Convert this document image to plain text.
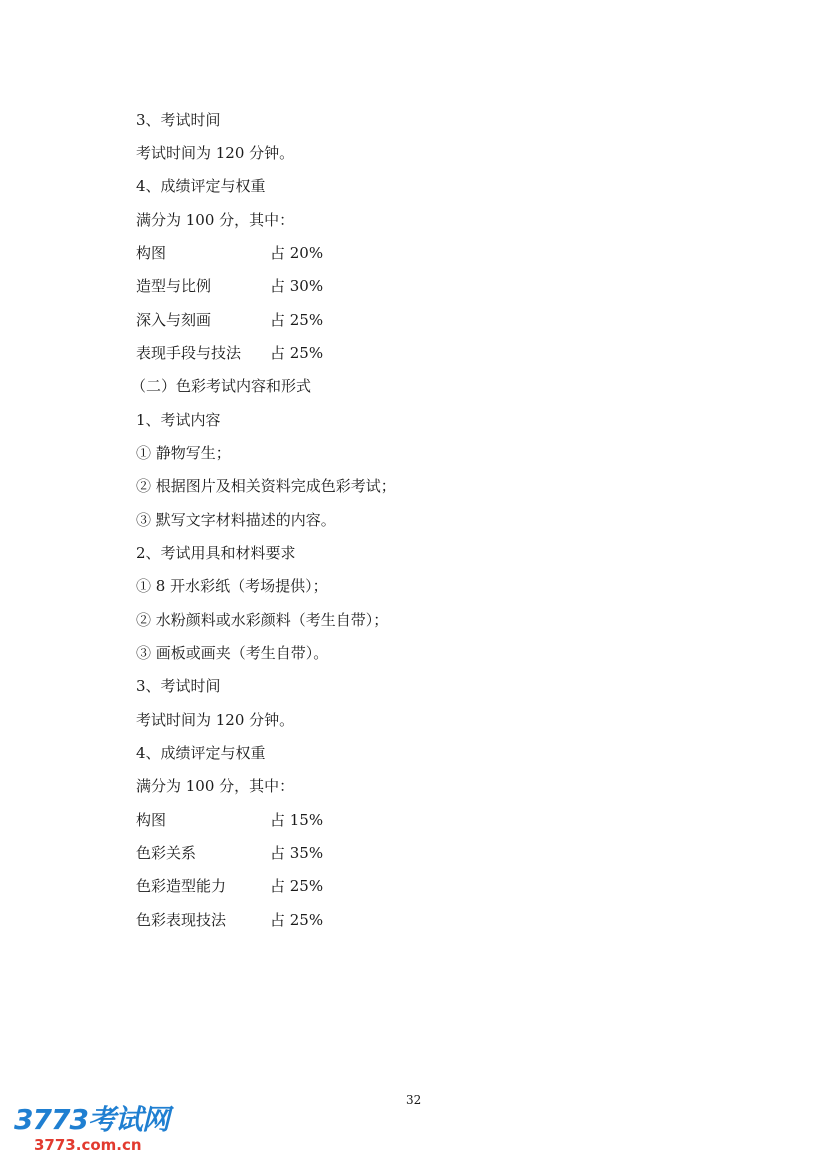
3、考试时间
考试时间为 120 分钟。
4、成绩评定与权重
满分为 100 分，其中：
构图	占 20%
造型与比例	占 30%
深入与刻画	占 25%
表现手段与技法 占 25%
（二）色彩考试内容和形式
1、考试内容
① 静物写生；
② 根据图片及相关资料完成色彩考试；
③ 默写文字材料描述的内容。
2、考试用具和材料要求
① 8 开水彩纸（考场提供）；
② 水粉颜料或水彩颜料（考生自带）；
③ 画板或画夹（考生自带）。
3、考试时间
考试时间为 120 分钟。
4、成绩评定与权重
满分为 100 分，其中：
构图	占 15%
色彩关系	占 35%
色彩造型能力	占 25%
色彩表现技法	占 25%
32
3773考试网
3773.com.cn
